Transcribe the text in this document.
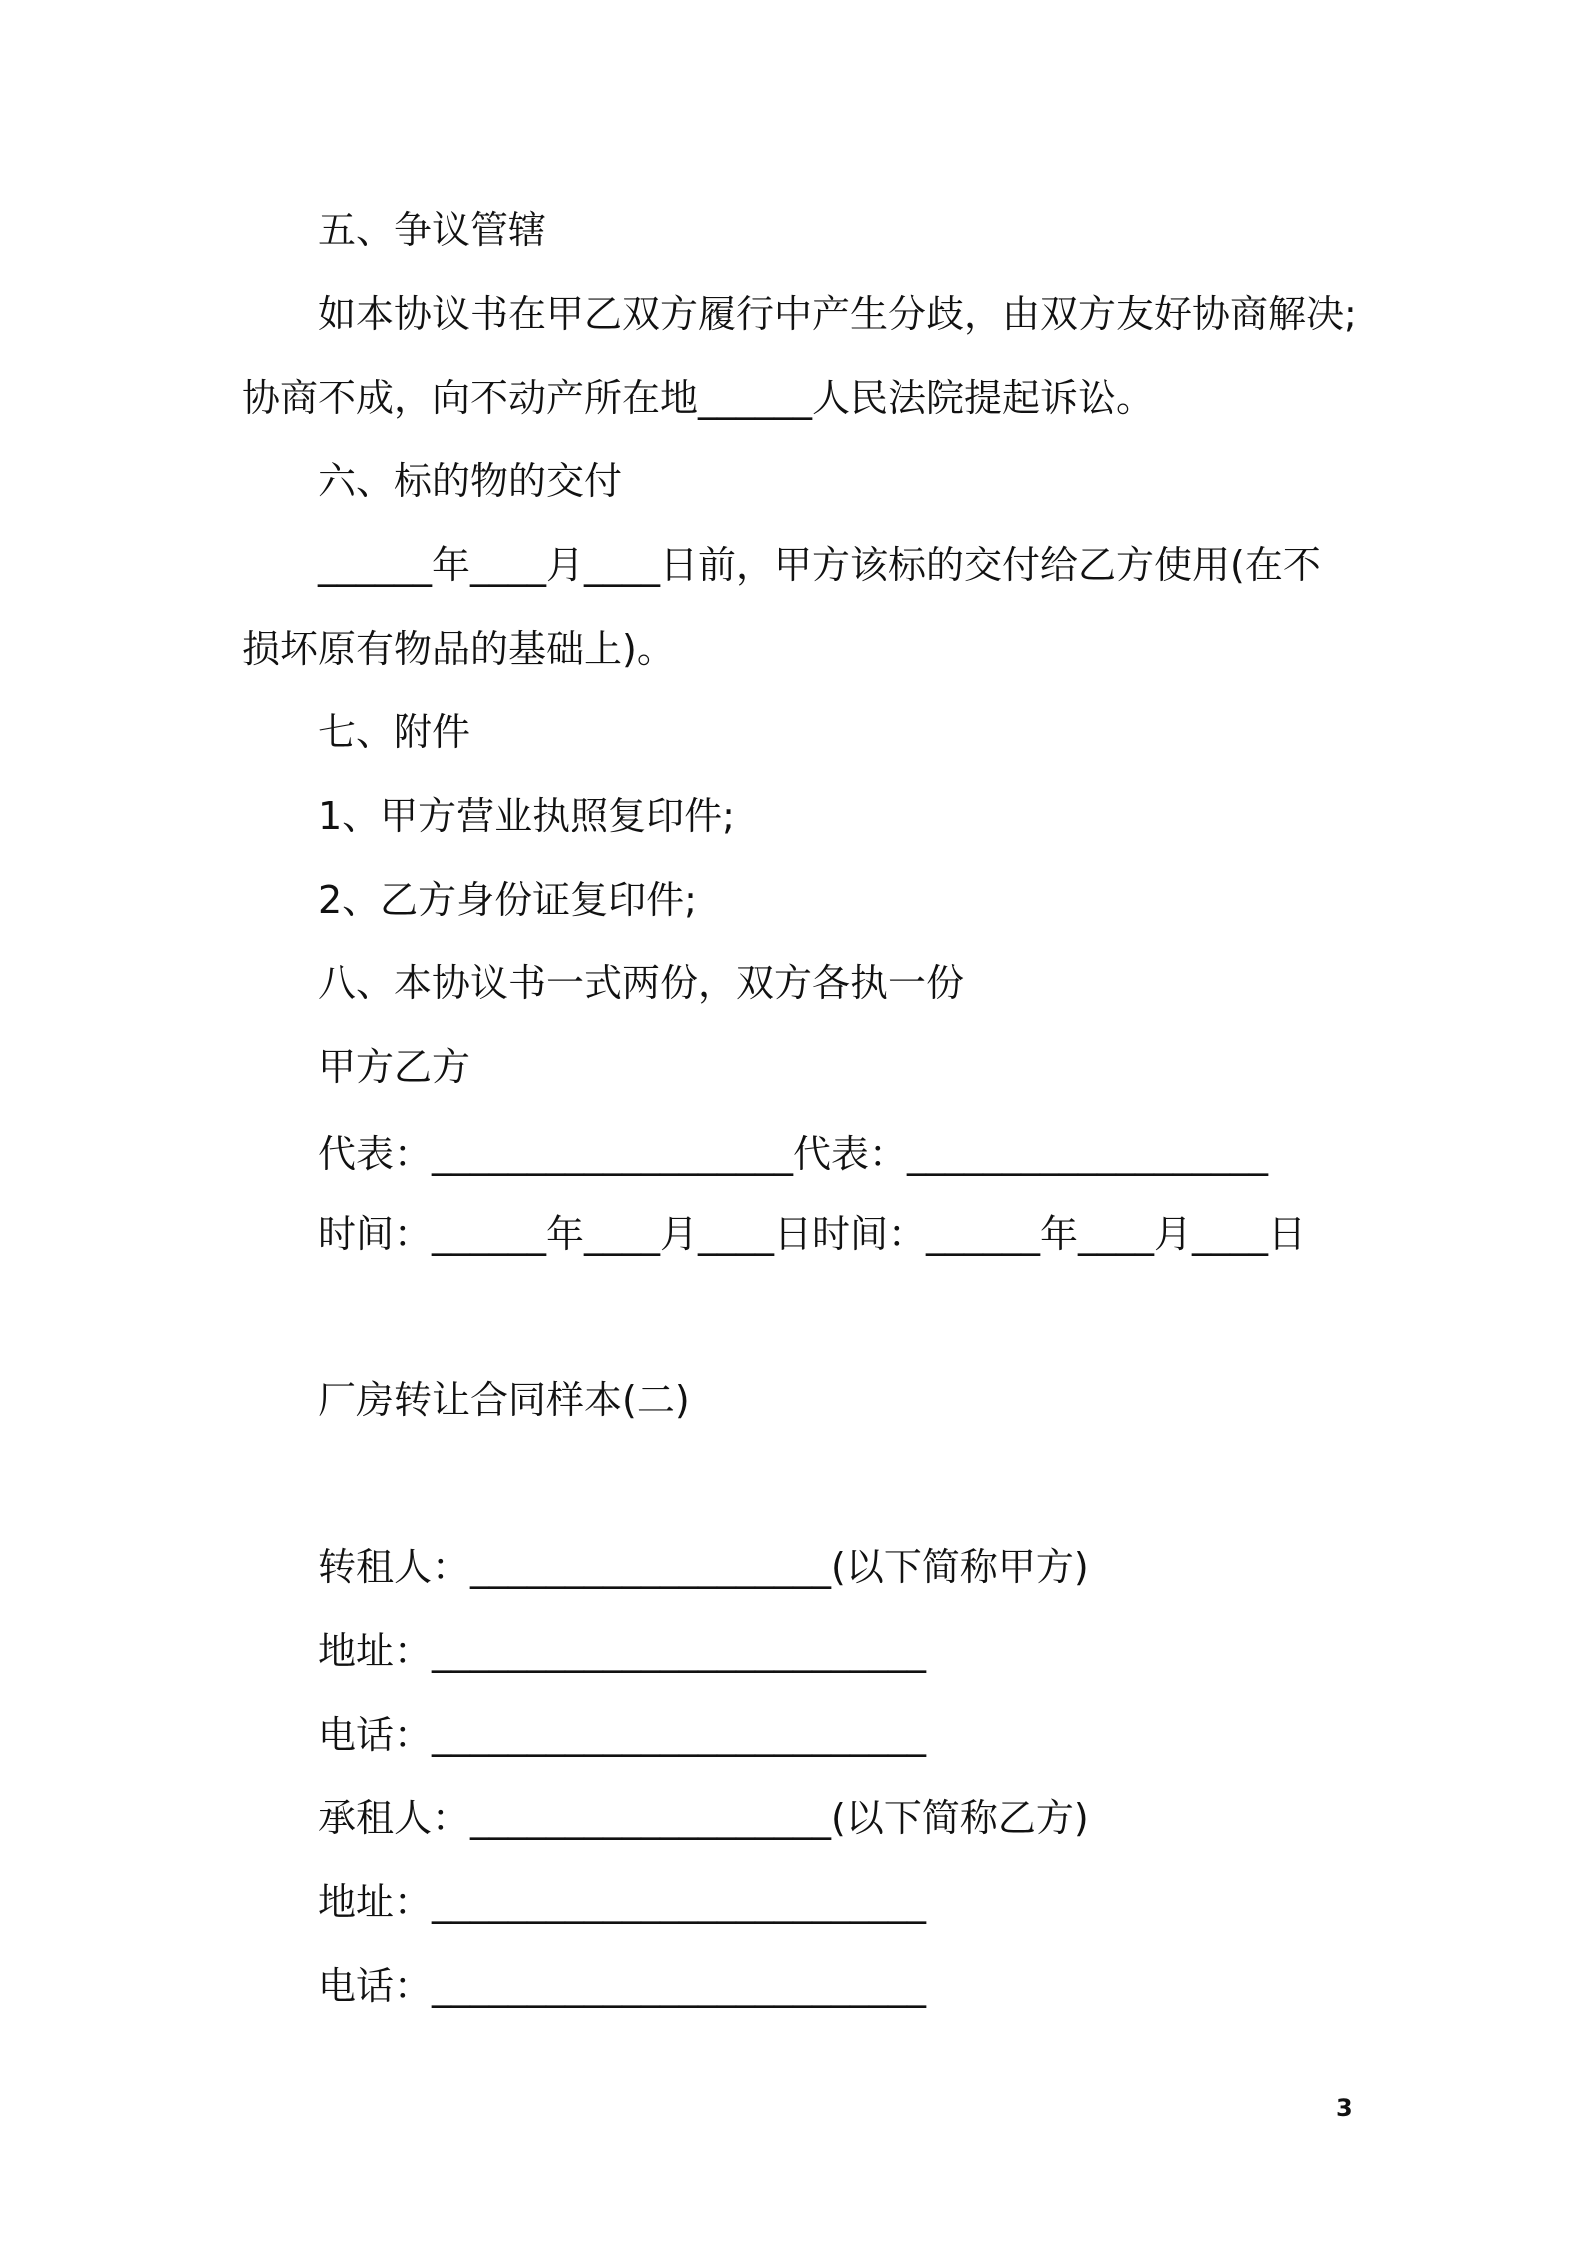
五、争议管辖
如本协议书在甲乙双方履行中产生分歧，由双方友好协商解决;
协商不成，向不动产所在地______人民法院提起诉讼。
六、标的物的交付
______年____月____日前，甲方该标的交付给乙方使用(在不
损坏原有物品的基础上)。
七、附件
1、甲方营业执照复印件;
2、乙方身份证复印件;
八、本协议书一式两份，双方各执一份
甲方乙方
代表：___________________代表：___________________
时间：______年____月____日时间：______年____月____日
厂房转让合同样本(二)
转租人：___________________(以下简称甲方)
地址：__________________________
电话：__________________________
承租人：___________________(以下简称乙方)
地址：__________________________
电话：__________________________
3
